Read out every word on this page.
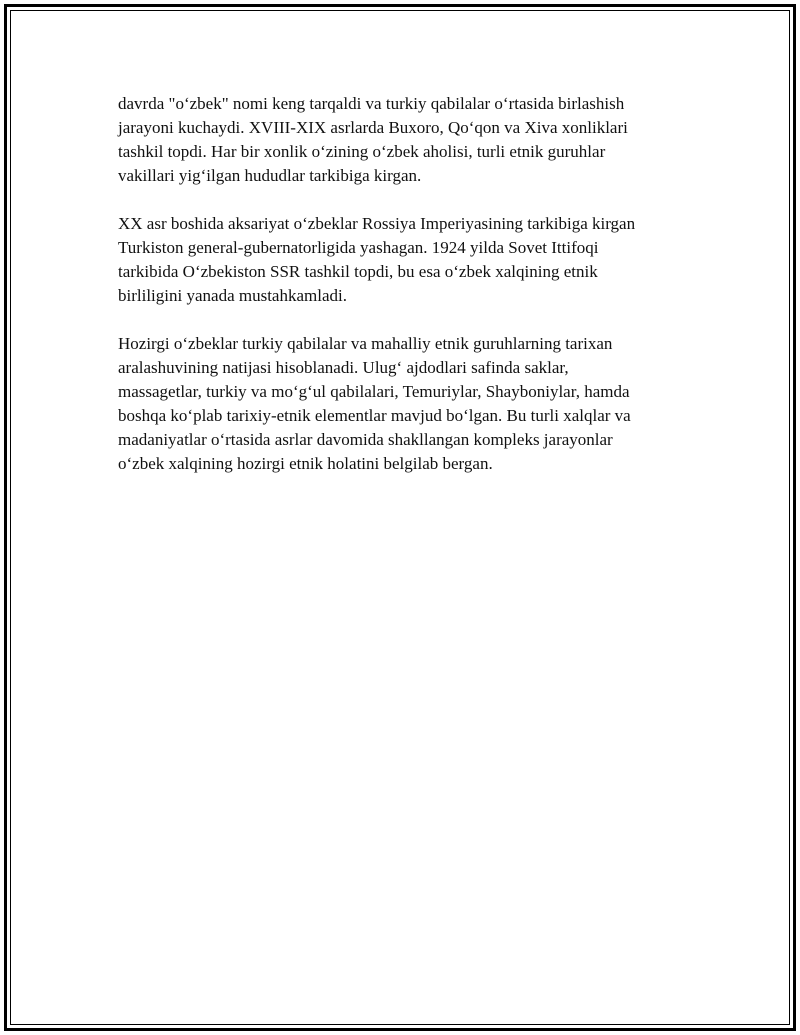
davrda "o‘zbek" nomi keng tarqaldi va turkiy qabilalar o‘rtasida birlashish
jarayoni kuchaydi. XVIII-XIX asrlarda Buxoro, Qo‘qon va Xiva xonliklari
tashkil topdi. Har bir xonlik o‘zining o‘zbek aholisi, turli etnik guruhlar
vakillari yig‘ilgan hududlar tarkibiga kirgan.

XX asr boshida aksariyat o‘zbeklar Rossiya Imperiyasining tarkibiga kirgan
Turkiston general-gubernatorligida yashagan. 1924 yilda Sovet Ittifoqi
tarkibida O‘zbekiston SSR tashkil topdi, bu esa o‘zbek xalqining etnik
birliligini yanada mustahkamladi.

Hozirgi o‘zbeklar turkiy qabilalar va mahalliy etnik guruhlarning tarixan
aralashuvining natijasi hisoblanadi. Ulug‘ ajdodlari safinda saklar,
massagetlar, turkiy va mo‘g‘ul qabilalari, Temuriylar, Shayboniylar, hamda
boshqa ko‘plab tarixiy-etnik elementlar mavjud bo‘lgan. Bu turli xalqlar va
madaniyatlar o‘rtasida asrlar davomida shakllangan kompleks jarayonlar
o‘zbek xalqining hozirgi etnik holatini belgilab bergan.
